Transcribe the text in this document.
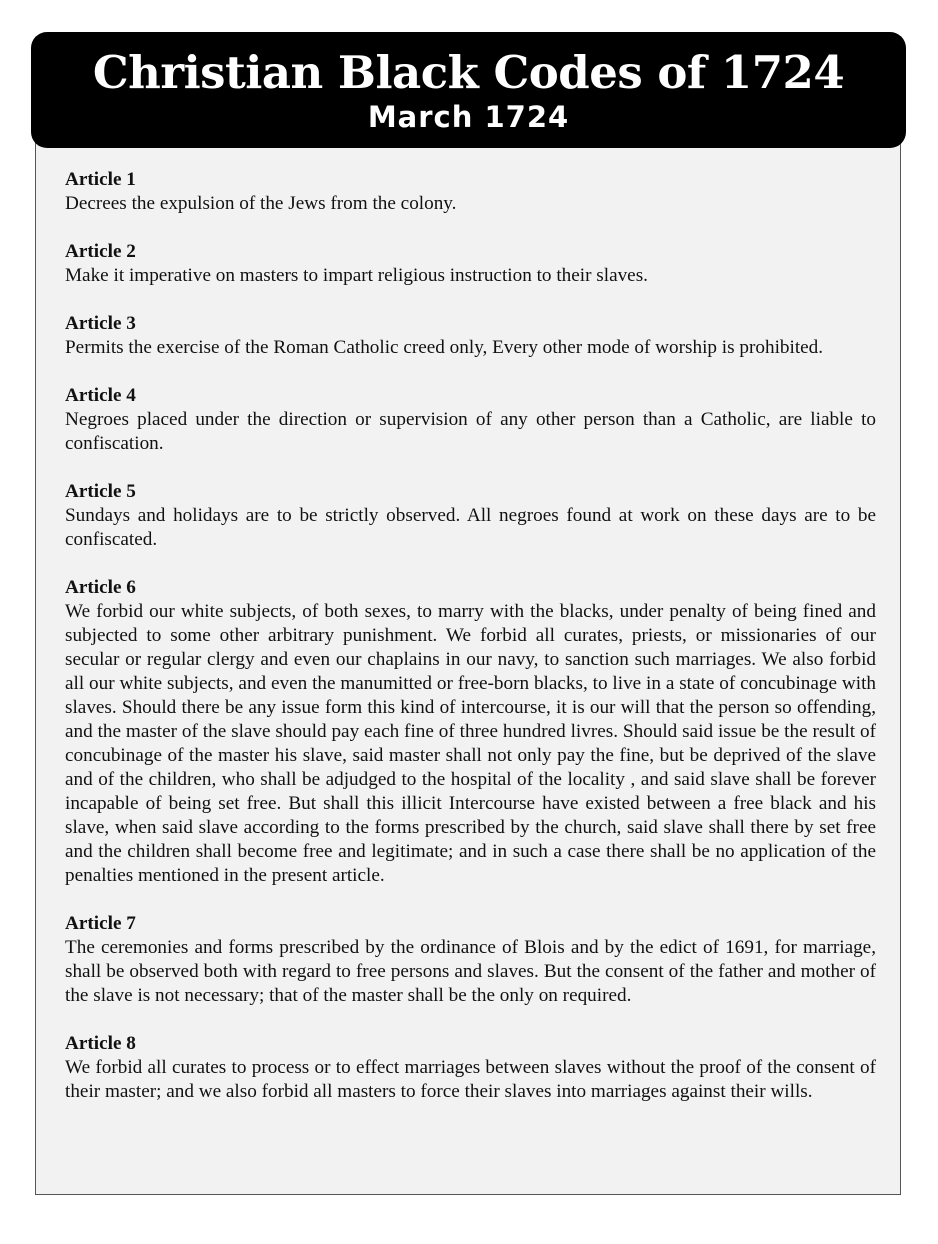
Christian Black Codes of 1724
March 1724

Article 1

Decrees the expulsion of the Jews from the colony.

Article 2

Make it imperative on masters to impart religious instruction to their slaves.

Article 3

Permits the exercise of the Roman Catholic creed only, Every other mode of worship is prohibited.

Article 4

Negroes placed under the direction or supervision of any other person than a Catholic, are liable to confiscation.

Article 5

Sundays and holidays are to be strictly observed. All negroes found at work on these days are to be confiscated.

Article 6

We forbid our white subjects, of both sexes, to marry with the blacks, under penalty of being fined and subjected to some other arbitrary punishment. We forbid all curates, priests, or missionaries of our secular or regular clergy and even our chaplains in our navy, to sanction such marriages. We also forbid all our white subjects, and even the manumitted or free-born blacks, to live in a state of concubinage with slaves. Should there be any issue form this kind of intercourse, it is our will that the person so offending, and the master of the slave should pay each fine of three hundred livres. Should said issue be the result of concubinage of the master his slave, said master shall not only pay the fine, but be deprived of the slave and of the children, who shall be adjudged to the hospital of the locality , and said slave shall be forever incapable of being set free. But shall this illicit Intercourse have existed between a free black and his slave, when said slave according to the forms prescribed by the church, said slave shall there by set free and the children shall become free and legitimate; and in such a case there shall be no application of the penalties mentioned in the present article.

Article 7

The ceremonies and forms prescribed by the ordinance of Blois and by the edict of 1691, for marriage, shall be observed both with regard to free persons and slaves. But the consent of the father and mother of the slave is not necessary; that of the master shall be the only on required.

Article 8

We forbid all curates to process or to effect marriages between slaves without the proof of the consent of their master; and we also forbid all masters to force their slaves into marriages against their wills.
